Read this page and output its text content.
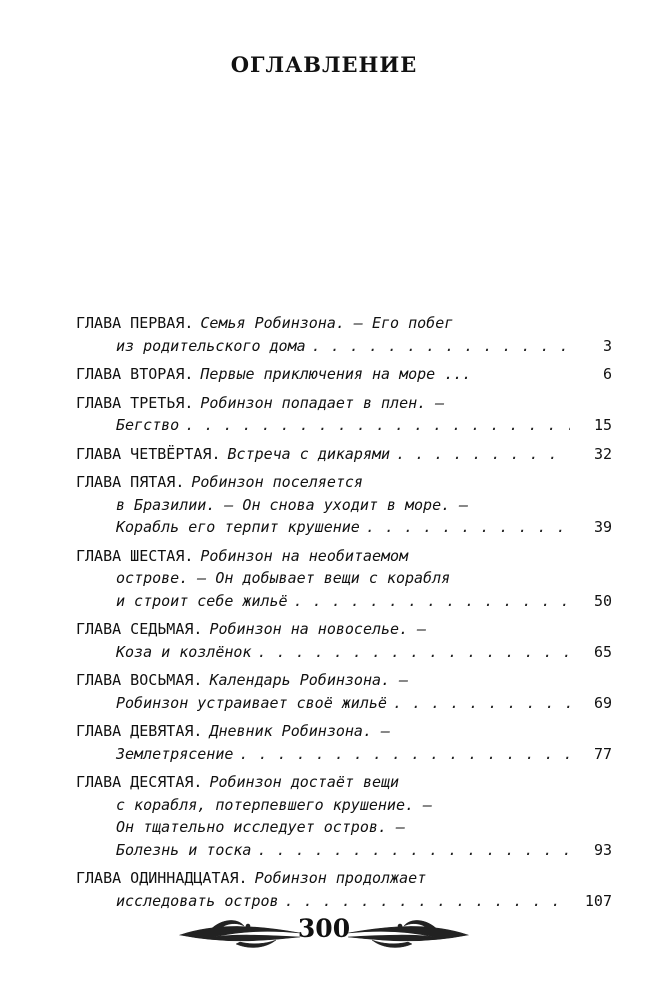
ОГЛАВЛЕНИЕ
ГЛАВА ПЕРВАЯ. Семья Робинзона. — Его побег
из родительского дома . . .	3
ГЛАВА ВТОРАЯ. Первые приключения на море ...	6
ГЛАВА ТРЕТЬЯ. Робинзон попадает в плен. —
Бегство . . .	15
ГЛАВА ЧЕТВЁРТАЯ. Встреча с дикарями . . .	32
ГЛАВА ПЯТАЯ. Робинзон поселяется
в Бразилии. — Он снова уходит в море. —
Корабль его терпит крушение . . .	39
ГЛАВА ШЕСТАЯ. Робинзон на необитаемом
острове. — Он добывает вещи с корабля
и строит себе жильё . . .	50
ГЛАВА СЕДЬМАЯ. Робинзон на новоселье. —
Коза и козлёнок . . .	65
ГЛАВА ВОСЬМАЯ. Календарь Робинзона. —
Робинзон устраивает своё жильё . . .	69
ГЛАВА ДЕВЯТАЯ. Дневник Робинзона. —
Землетрясение . . .	77
ГЛАВА ДЕСЯТАЯ. Робинзон достаёт вещи
с корабля, потерпевшего крушение. —
Он тщательно исследует остров. —
Болезнь и тоска . . .	93
ГЛАВА ОДИННАДЦАТАЯ. Робинзон продолжает
исследовать остров . . .	107
300
